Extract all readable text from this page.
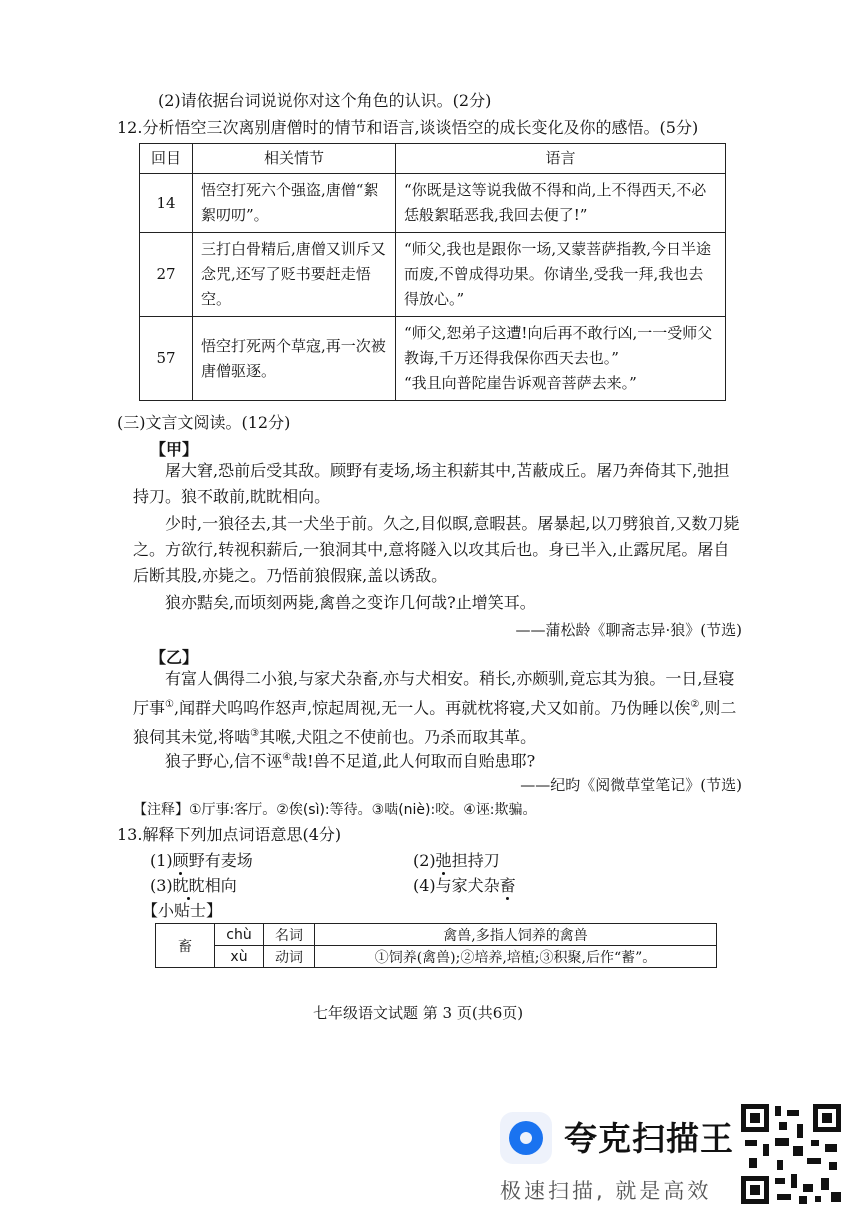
(2)请依据台词说说你对这个角色的认识。(2分)
12.分析悟空三次离别唐僧时的情节和语言,谈谈悟空的成长变化及你的感悟。(5分)
回目	相关情节	语言
14	悟空打死六个强盗,唐僧“絮絮叨叨”。	“你既是这等说我做不得和尚,上不得西天,不必恁般絮聒恶我,我回去便了!”
27	三打白骨精后,唐僧又训斥又念咒,还写了贬书要赶走悟空。	“师父,我也是跟你一场,又蒙菩萨指教,今日半途而废,不曾成得功果。你请坐,受我一拜,我也去得放心。”
57	悟空打死两个草寇,再一次被唐僧驱逐。	“师父,恕弟子这遭!向后再不敢行凶,一一受师父教诲,千万还得我保你西天去也。”
“我且向普陀崖告诉观音菩萨去来。”
(三)文言文阅读。(12分)
【甲】
屠大窘,恐前后受其敌。顾野有麦场,场主积薪其中,苫蔽成丘。屠乃奔倚其下,弛担持刀。狼不敢前,眈眈相向。
少时,一狼径去,其一犬坐于前。久之,目似瞑,意暇甚。屠暴起,以刀劈狼首,又数刀毙之。方欲行,转视积薪后,一狼洞其中,意将隧入以攻其后也。身已半入,止露尻尾。屠自后断其股,亦毙之。乃悟前狼假寐,盖以诱敌。
狼亦黠矣,而顷刻两毙,禽兽之变诈几何哉?止增笑耳。
——蒲松龄《聊斋志异·狼》(节选)
【乙】
有富人偶得二小狼,与家犬杂畜,亦与犬相安。稍长,亦颇驯,竟忘其为狼。一日,昼寝厅事①,闻群犬呜呜作怒声,惊起周视,无一人。再就枕将寝,犬又如前。乃伪睡以俟②,则二狼伺其未觉,将啮③其喉,犬阻之不使前也。乃杀而取其革。
狼子野心,信不诬④哉!兽不足道,此人何取而自贻患耶?
——纪昀《阅微草堂笔记》(节选)
【注释】①厅事:客厅。②俟(sì):等待。③啮(niè):咬。④诬:欺骗。
13.解释下列加点词语意思(4分)
(1)顾野有麦场	(2)弛担持刀
(3)眈眈相向	(4)与家犬杂畜
【小贴士】
畜	chù	名词	禽兽,多指人饲养的禽兽
	xù	动词	①饲养(禽兽);②培养,培植;③积聚,后作“蓄”。
七年级语文试题 第 3 页(共6页)
夸克扫描王
极速扫描, 就是高效
